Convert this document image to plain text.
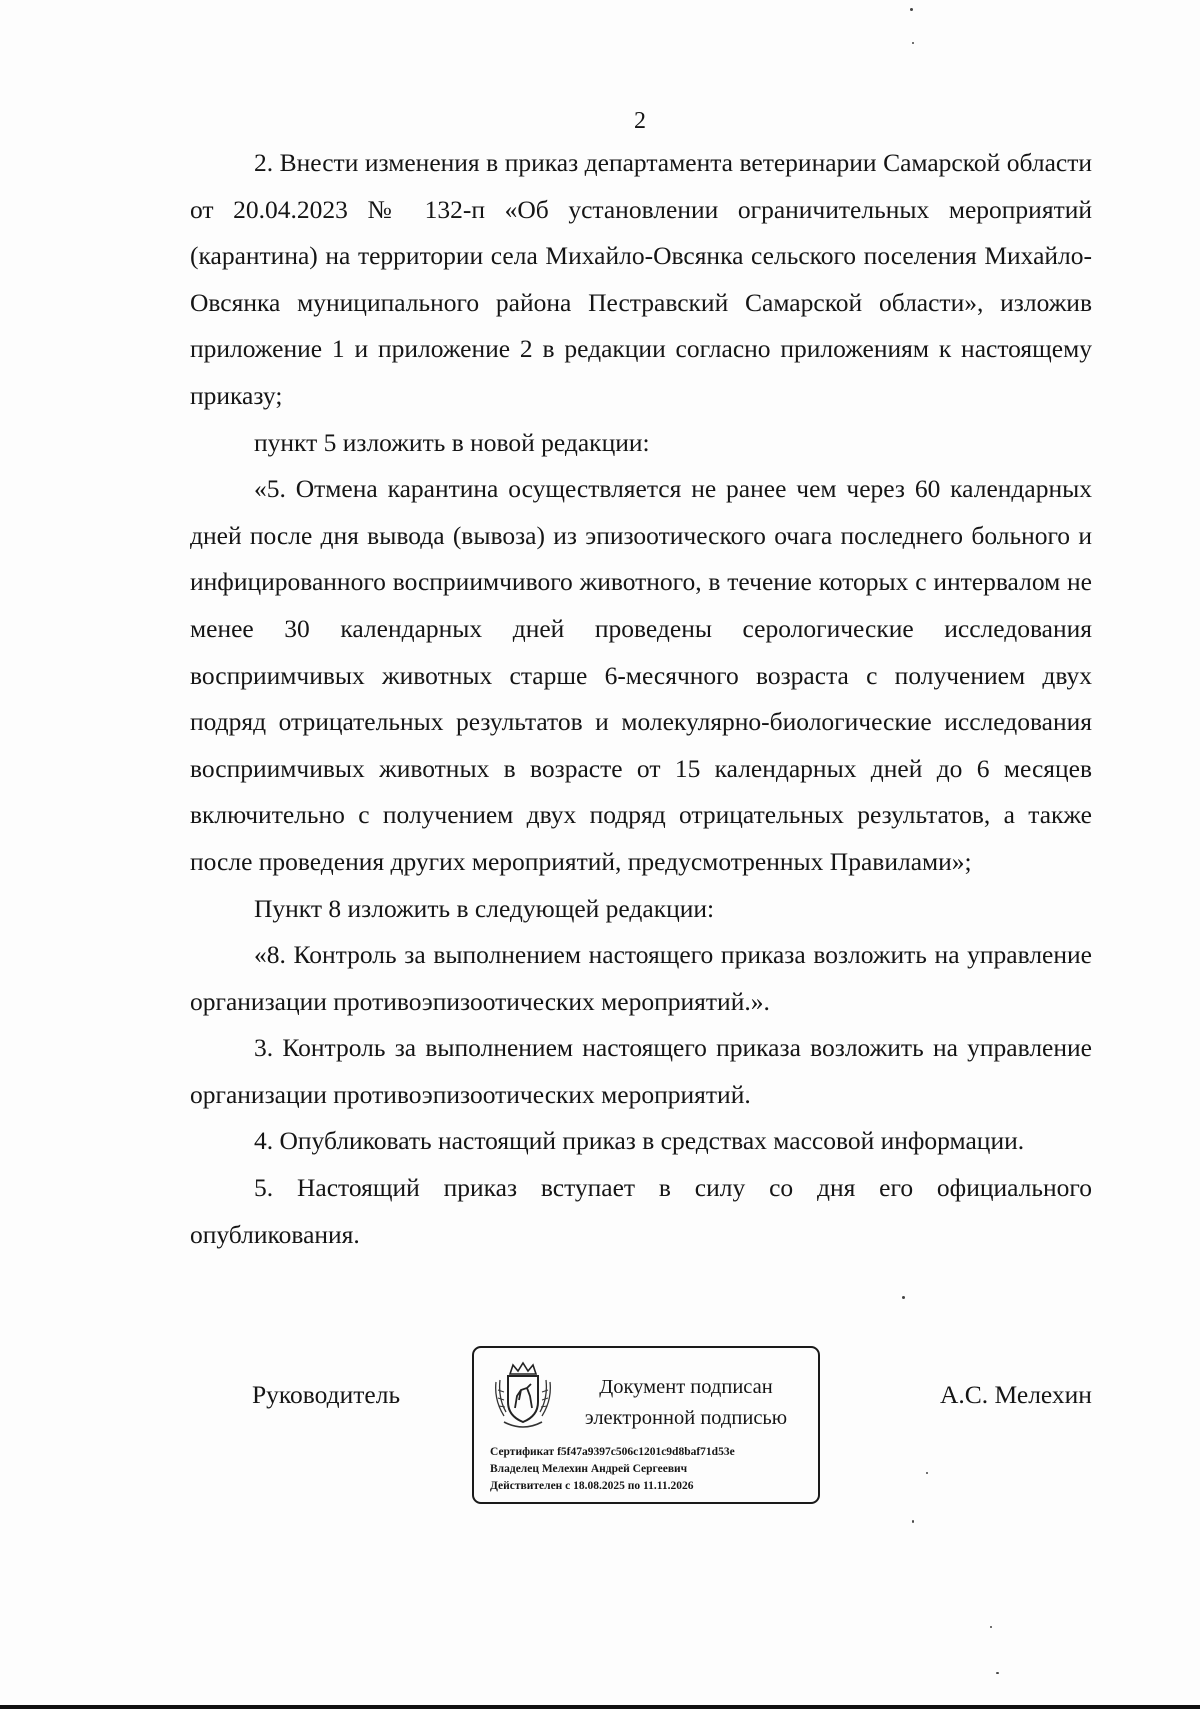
2

2. Внести изменения в приказ департамента ветеринарии Самарской области от 20.04.2023 № 132-п «Об установлении ограничительных мероприятий (карантина) на территории села Михайло-Овсянка сельского поселения Михайло-Овсянка муниципального района Пестравский Самарской области», изложив приложение 1 и приложение 2 в редакции согласно приложениям к настоящему приказу;

пункт 5 изложить в новой редакции:

«5. Отмена карантина осуществляется не ранее чем через 60 календарных дней после дня вывода (вывоза) из эпизоотического очага последнего больного и инфицированного восприимчивого животного, в течение которых с интервалом не менее 30 календарных дней проведены серологические исследования восприимчивых животных старше 6-месячного возраста с получением двух подряд отрицательных результатов и молекулярно-биологические исследования восприимчивых животных в возрасте от 15 календарных дней до 6 месяцев включительно с получением двух подряд отрицательных результатов, а также после проведения других мероприятий, предусмотренных Правилами»;

Пункт 8 изложить в следующей редакции:

«8. Контроль за выполнением настоящего приказа возложить на управление организации противоэпизоотических мероприятий.».

3. Контроль за выполнением настоящего приказа возложить на управление организации противоэпизоотических мероприятий.

4. Опубликовать настоящий приказ в средствах массовой информации.

5. Настоящий приказ вступает в силу со дня его официального опубликования.

Руководитель	Документ подписан
электронной подписью
Сертификат f5f47a9397c506c1201c9d8baf71d53e
Владелец Мелехин Андрей Сергеевич
Действителен с 18.08.2025 по 11.11.2026
А.С. Мелехин
